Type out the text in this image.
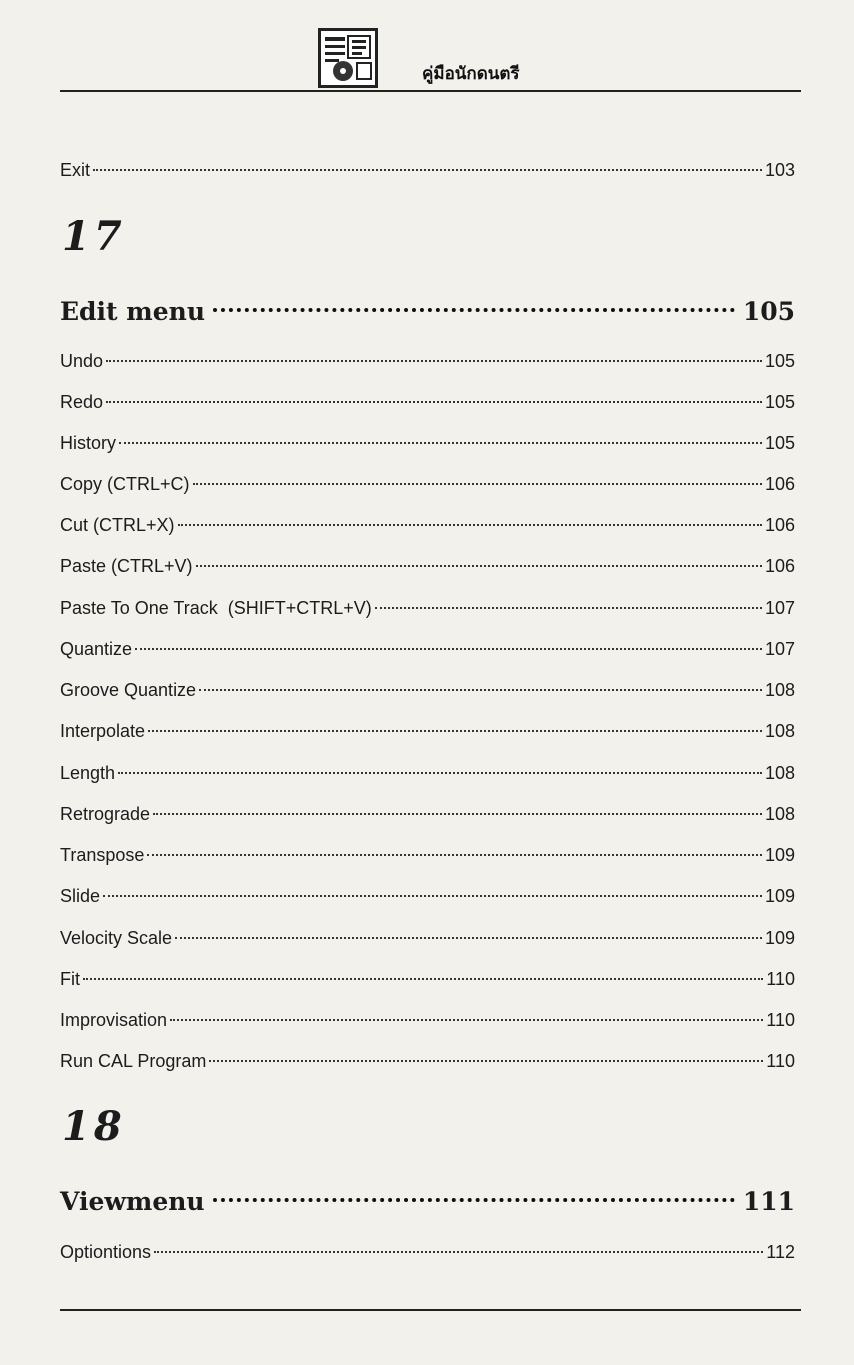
คู่มือนักดนตรี
Exit	103
17
Edit menu	105
Undo	105
Redo	105
History	105
Copy (CTRL+C)	106
Cut (CTRL+X)	106
Paste (CTRL+V)	106
Paste To One Track  (SHIFT+CTRL+V)	107
Quantize	107
Groove Quantize	108
Interpolate	108
Length	108
Retrograde	108
Transpose	109
Slide	109
Velocity Scale	109
Fit	110
Improvisation	110
Run CAL Program	110
18
Viewmenu	111
Optiontions	112
